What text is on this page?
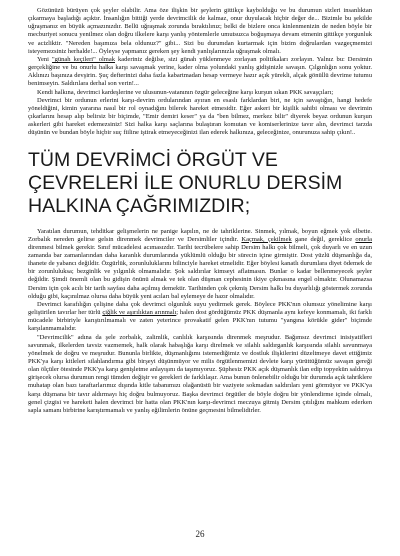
Gözünüzü bürüyen çok şeyler olabilir. Ama öze ilişkin bir şeylerin gittikçe kaybolduğu ve bu durumun sizleri insanlıktan çıkarmaya başladığı açıktır. İnsanlığın bittiği yerde devrimcilik de kalmaz, onur duyulacak hiçbir değer de... Bizimle bu şekilde uğraşmanız en büyük açmazınızdır. Bellü uğraşmak zorunda bıraktılınız; belki de bizlere onca kinlenmenizin de neden böyle bir mecburiyet sonucu yenilmez olan doğru ilkelere karşı yanlış yöntemlerle umutsuzca boğuşmaya devam etmenin gittikçe yorgunluk ve acizliktir. "Nereden başımıza bela oldunuz?" gibi... Sizi bu durumdan kurtarmak için bizim doğrulardan vazgeçmemizi isteyemezsiniz herhalde!... Öyleyse yapmanız gereken şey kendi yanlışlarınızla uğraşmak olmalı.

Yeni "günah keçileri" olmak kaderiniz değilse, sizi günah yüklenmeye zorlayan politikaları zorlayın. Yalnız bu: Dersimin gerçekliğine ve bu onurlu halka karşı savaşmak yerine, kader olma yolundaki yanlış gidişinizle savaşın. Çılgınlığın sonu yoktur. Aklınızı başınıza devşirin. Şuç defterinizi daha fazla kabartmadan hesap vermeye hazır açık yürekli, alçak gönüllü devrime tutumu benimseyin. Saldırılara derhal son verin!...

Kendi halkına, devrimci kardeşlerine ve ulusunun-vatanının özgür geleceğine karşı kurşun sıkan PKK savaşçıları;

Devrimci bir ordunun erlerini karşı-devrim ordularından ayıran en esaslı farklardan biri, ne için savaştığın, hangi hedefe yöneldiğini, kimin yararına nasıl bir rol oynadığını bilerek hareket etmesidir. Eğer askeri bir kişilik sahibi olması ve devrimin çıkarlarını hesap alıp belirsiz bir biçimde, "Emir demiri keser" ya da "ben bilmez, merkez bilir" diyerek beyaz ordunun kurşun askerleri gibi hareket edemezsiniz! Sizi halka karşı saçlarına bulaştıran komutan ve komiserlerinize tavır alın, devrimci tarzda düşünün ve bundan böyle hiçbir suç fiiline iştirak etmeyeceğinizi ilan ederek halkınıza, geleceğinize, onurunuza sahip çıkın!..

TÜM DEVRİMCİ ÖRGÜT VE ÇEVRELERİ İLE ONURLU DERSİM HALKINA ÇAĞRIMIZDIR;

Yaratılan durumun, tehditkar gelişmelerin ne panige kapılın, ne de tahriklerine. Sinmek, yılmak, boyun eğmek yok elbette. Zorbalık nereden gelirse gelsin direnmek devrimciler ve Dersimliler içindir. Kaçmak, çekilmek gane değil, gereklice onurla direnmesi bilmek gerekir. Sınıf mücadelesi acımasızdır. Tarihi tecrübelere sahip Dersim halkı çok bilmeli, çok duyarlı ve en uzun zamanda bar zamanlarından daha karanlık durumlarında yüklümlü olduğu bir sürecin içine girmiştir. Dost yüzlü düşmanlığa da, ihanete de yabancı değildir. Özgürlük, zorunluluklarını bilinciyle hareket etmelidir. Eğer böylesi kanatlı durumlara diyet ödemek de bir zorunluluksa; bezginlik ve yılgınlık olmamalıdır. Şok saldırılar kimseyi aflatmasın. Bunlar o kadar bellenmeyecek şeyler değildir. Şimdi önemli olan bu gidişin önünü almak ve tek olan düşman cephesinin ikiye çıkmasına engel olmaktır. Olunamazsa Dersim için çok acılı bir tarih sayfası daha açılmış demektir. Tarihinden çok çekmiş Dersim halkı bu duyarlılığı göstermek zorunda olduğu gibi, kaçınılmaz olursa daha büyük yeni acıları bal eylemeye de hazır olmalıdır.

Devrimci karafılığın çelişine daha çok devrimci olgunluk suyu yedirmek gerek. Böylece PKK'nın olumsuz yönelimine karşı geliştirilen tavırlar her türlü çiğlik ve aşırılıktan arınmalı; halen dost gördüğümüz PKK düşmanla aynı kefeye konmamalı, iki farklı mücadele birbiriyle karıştırılmamalı ve zaten yeterince provakatif gelen PKK'nın tutumu "yangına körükle gider" biçimde karşılanmamalıdır.

"Devrimcilik" adına da şele zorbalık, zalimlik, canlılık karşısında direnmek meşrudur. Bağımsız devrimci inisiyatifleri savunmak, ilkelerden tavsiz vazmemek, halk olarak habaşlığa karşı direlmek ve silahlı saldırganlık karşısında silahlı savunmaya yönelmek de doğru ve meşrudur. Bununla birlikte, düşmanlığımı istemediğimiz ve dostluk ilişkilerini düzeltmeye davet ettiğimiz PKK'ya karşı kitleleri silahlandırma gibi birşeyi düşünmüyor ve milis örgütlenmemizi devlete karşı yürüttüğümüz savaşın gereği olan ölçüler ötesinde PKK'ya karşı genişletme anlayışını da taşımıyoruz. Şüphesiz PKK açık düşmanlık ilan edip topyekün saldırıya girişecek olursa durumun rengi tümden değişir ve gerekleri de farklılaşır. Ama bunun önlenebilir olduğu bir durumda açık tahriklere muhatap olan bazı taraftarlarımız dışında kitle tabanımızı olağanüstü bir vaziyete sokmadan saldırıları yeni görmüyor ve PKK'ya karşı düşmana bir tavır aldırmayı hiç doğru bulmuyoruz. Başka devrimci örgütler de böyle doğru bir yönlendirme içinde olmalı, genel çizgisi ve hareketi halen devrimci bir hatta olan PKK'nın karşı-devrimci meczuya gitmiş Dersim çıtılığını mahkum ederken sapla samanı birbirine karıştırmamalı ve yanlış eğilimlerin önüne geçmesini bilmelidirler.

26
